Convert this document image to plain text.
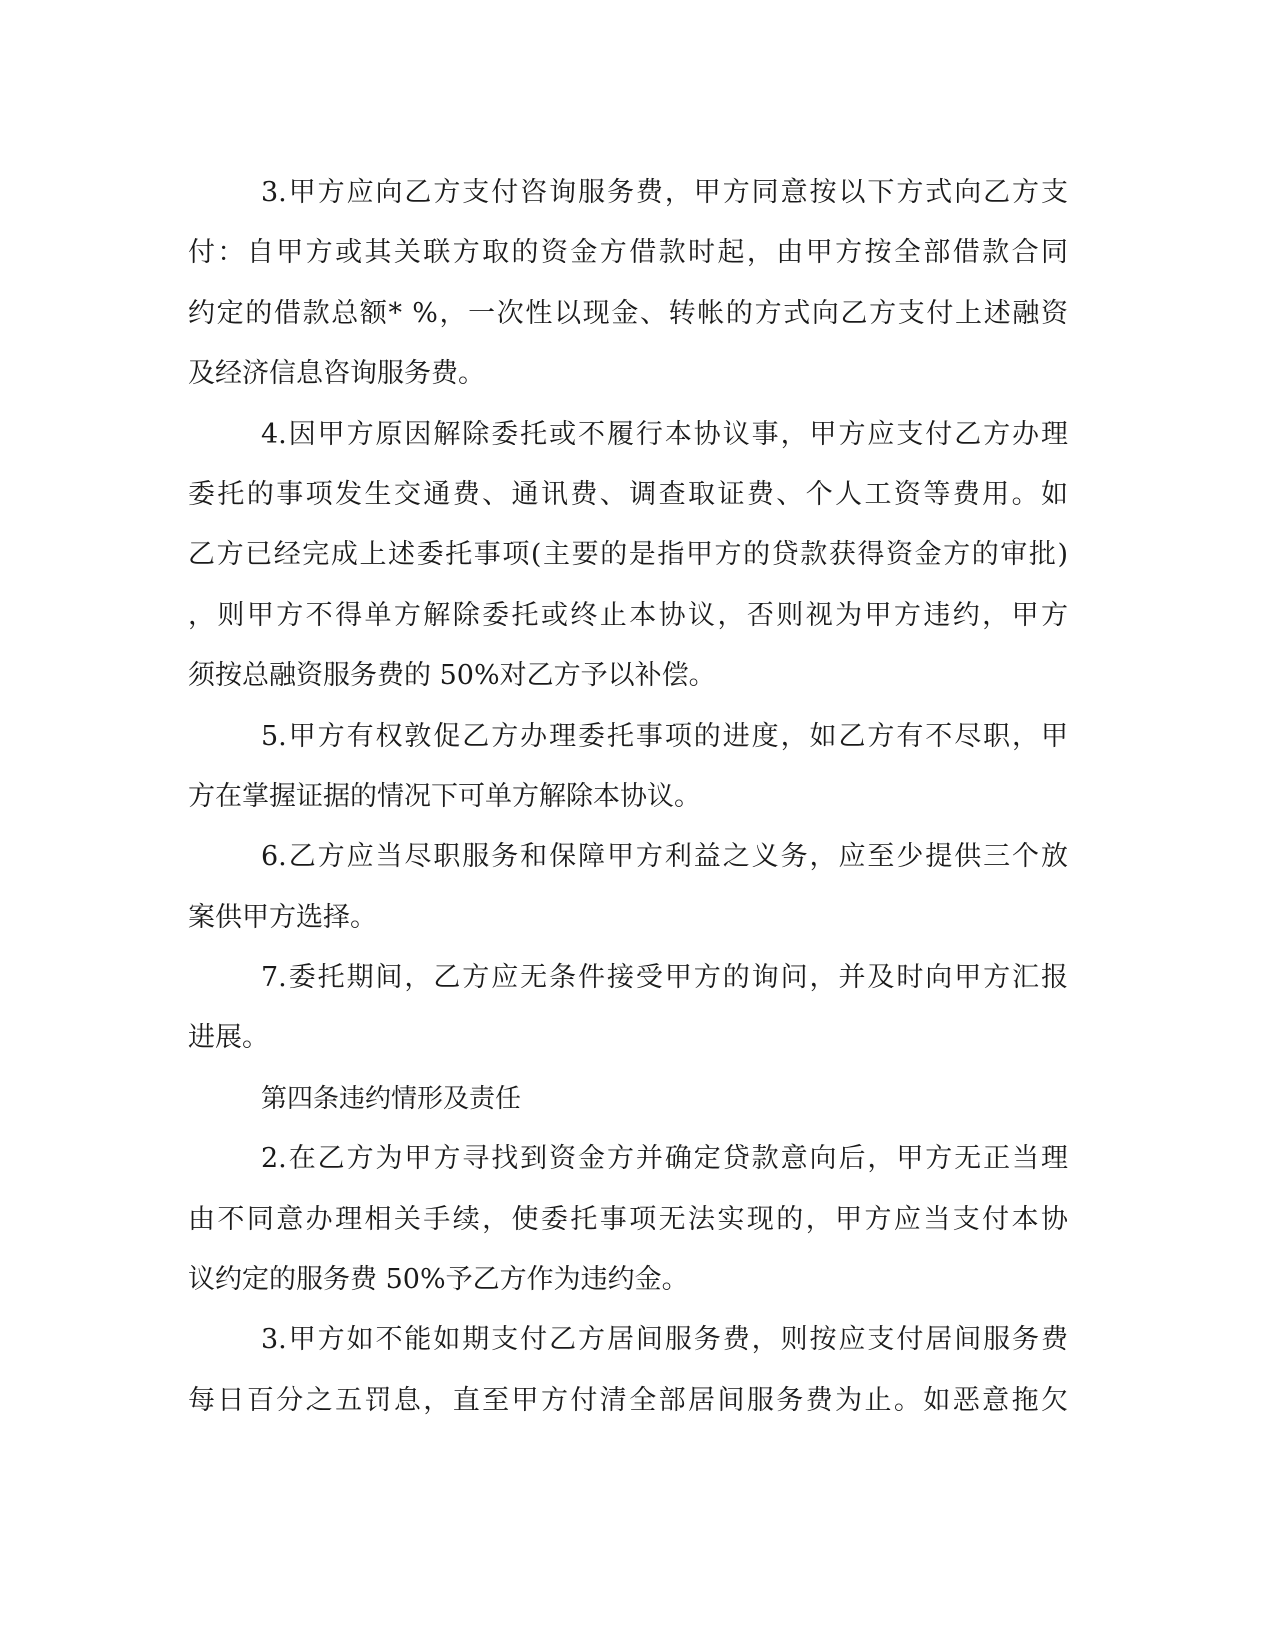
3.甲方应向乙方支付咨询服务费，甲方同意按以下方式向乙方支
付：自甲方或其关联方取的资金方借款时起，由甲方按全部借款合同
约定的借款总额* %，一次性以现金、转帐的方式向乙方支付上述融资
及经济信息咨询服务费。
4.因甲方原因解除委托或不履行本协议事，甲方应支付乙方办理
委托的事项发生交通费、通讯费、调查取证费、个人工资等费用。如
乙方已经完成上述委托事项(主要的是指甲方的贷款获得资金方的审批)
，则甲方不得单方解除委托或终止本协议，否则视为甲方违约，甲方
须按总融资服务费的 50%对乙方予以补偿。
5.甲方有权敦促乙方办理委托事项的进度，如乙方有不尽职，甲
方在掌握证据的情况下可单方解除本协议。
6.乙方应当尽职服务和保障甲方利益之义务，应至少提供三个放
案供甲方选择。
7.委托期间，乙方应无条件接受甲方的询问，并及时向甲方汇报
进展。
第四条违约情形及责任
2.在乙方为甲方寻找到资金方并确定贷款意向后，甲方无正当理
由不同意办理相关手续，使委托事项无法实现的，甲方应当支付本协
议约定的服务费 50%予乙方作为违约金。
3.甲方如不能如期支付乙方居间服务费，则按应支付居间服务费
每日百分之五罚息，直至甲方付清全部居间服务费为止。如恶意拖欠
